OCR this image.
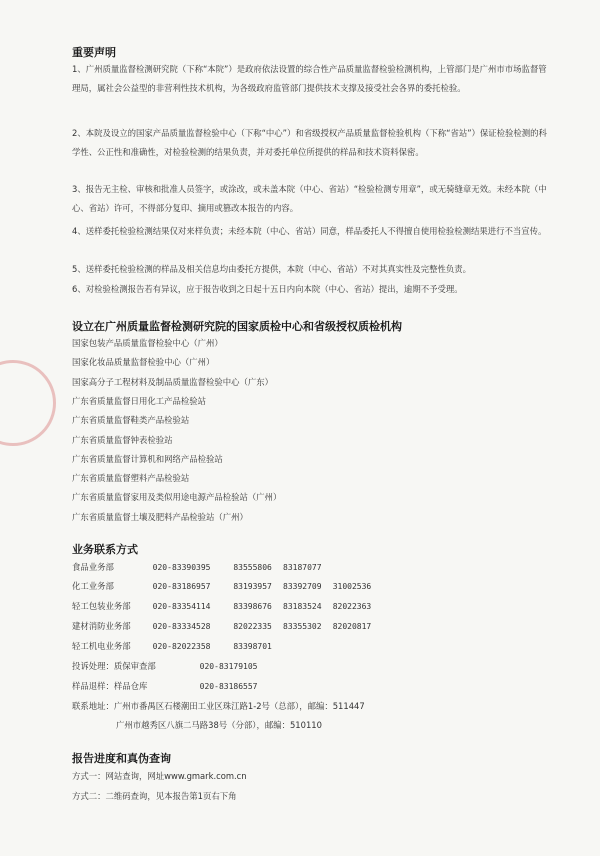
重要声明
1、广州质量监督检测研究院（下称“本院”）是政府依法设置的综合性产品质量监督检验检测机构，上管部门是广州市市场监督管理局，属社会公益型的非营利性技术机构，为各级政府监管部门提供技术支撑及接受社会各界的委托检验。
2、本院及设立的国家产品质量监督检验中心（下称“中心”）和省级授权产品质量监督检验机构（下称“省站”）保证检验检测的科学性、公正性和准确性，对检验检测的结果负责，并对委托单位所提供的样品和技术资料保密。
3、报告无主检、审核和批准人员签字，或涂改，或未盖本院（中心、省站）“检验检测专用章”，或无骑缝章无效。未经本院（中心、省站）许可，不得部分复印、摘用或篡改本报告的内容。
4、送样委托检验检测结果仅对来样负责；未经本院（中心、省站）同意，样品委托人不得擅自使用检验检测结果进行不当宣传。
5、送样委托检验检测的样品及相关信息均由委托方提供，本院（中心、省站）不对其真实性及完整性负责。
6、对检验检测报告若有异议，应于报告收到之日起十五日内向本院（中心、省站）提出，逾期不予受理。
设立在广州质量监督检测研究院的国家质检中心和省级授权质检机构
国家包装产品质量监督检验中心（广州）
国家化妆品质量监督检验中心（广州）
国家高分子工程材料及制品质量监督检验中心（广东）
广东省质量监督日用化工产品检验站
广东省质量监督鞋类产品检验站
广东省质量监督钟表检验站
广东省质量监督计算机和网络产品检验站
广东省质量监督塑料产品检验站
广东省质量监督家用及类似用途电源产品检验站（广州）
广东省质量监督土壤及肥料产品检验站（广州）
业务联系方式
食品业务部	020-83390395	83555806 83187077
化工业务部	020-83186957	83193957 83392709 31002536
轻工包装业务部	020-83354114	83398676 83183524 82022363
建材消防业务部	020-83334528	82022335 83355302 82020817
轻工机电业务部	020-82022358	83398701
投诉处理：质保审查部	020-83179105
样品退样：样品仓库	020-83186557
联系地址：广州市番禺区石楼潮田工业区珠江路1-2号（总部），邮编：511447
广州市越秀区八旗二马路38号（分部），邮编：510110
报告进度和真伪查询
方式一：网站查询，网址www.gmark.com.cn
方式二：二维码查询，见本报告第1页右下角
